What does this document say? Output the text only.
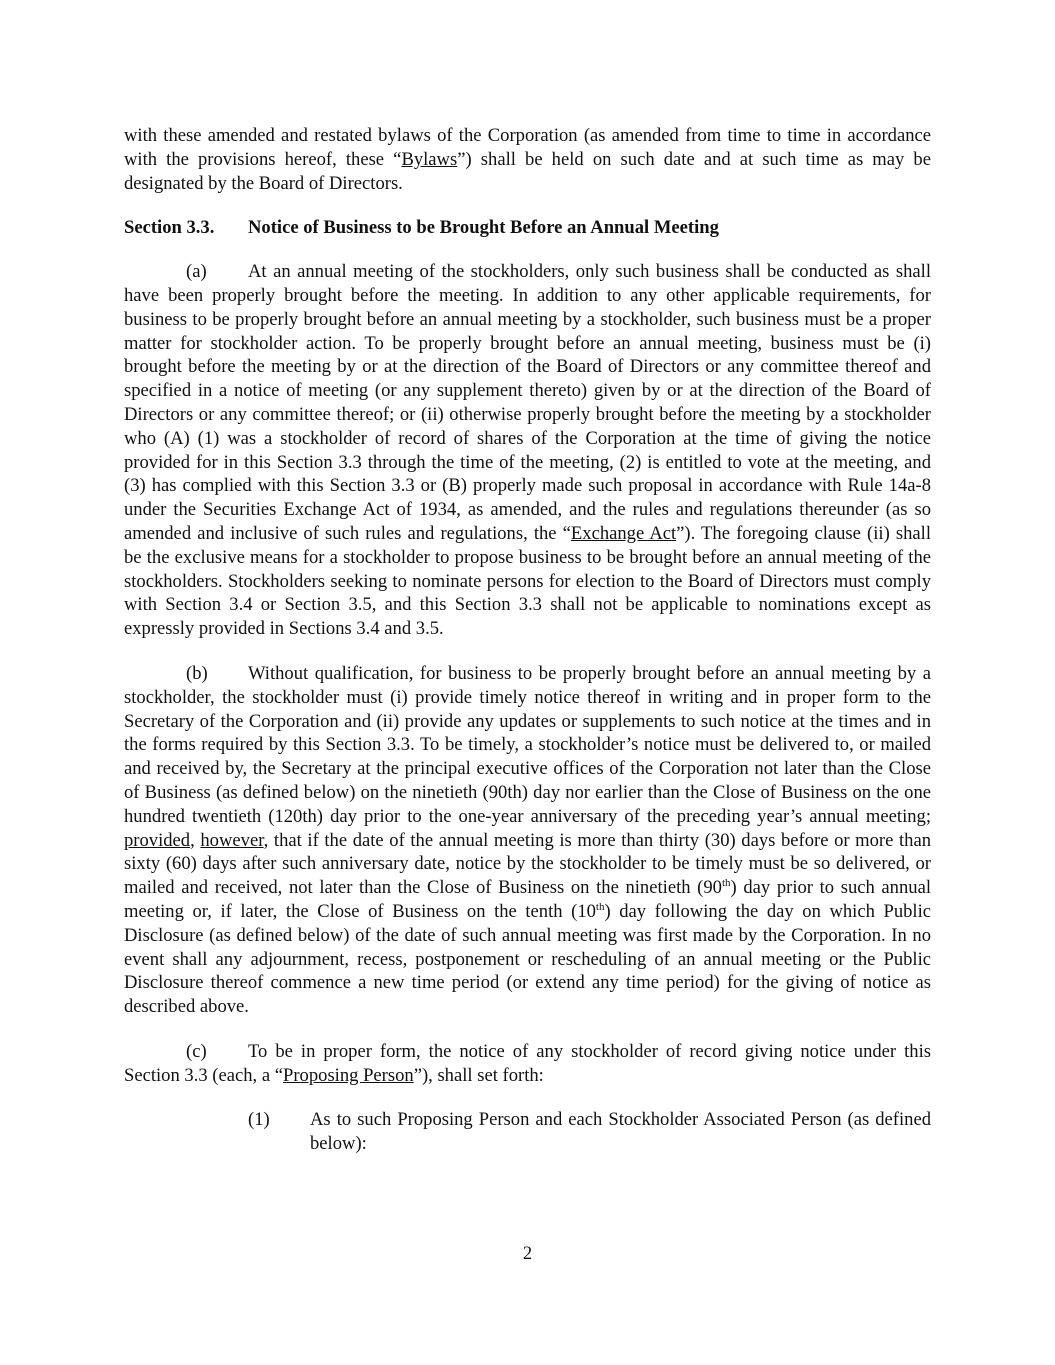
with these amended and restated bylaws of the Corporation (as amended from time to time in accordance with the provisions hereof, these “Bylaws”) shall be held on such date and at such time as may be designated by the Board of Directors.

Section 3.3. Notice of Business to be Brought Before an Annual Meeting

(a) At an annual meeting of the stockholders, only such business shall be conducted as shall have been properly brought before the meeting. In addition to any other applicable requirements, for business to be properly brought before an annual meeting by a stockholder, such business must be a proper matter for stockholder action. To be properly brought before an annual meeting, business must be (i) brought before the meeting by or at the direction of the Board of Directors or any committee thereof and specified in a notice of meeting (or any supplement thereto) given by or at the direction of the Board of Directors or any committee thereof; or (ii) otherwise properly brought before the meeting by a stockholder who (A) (1) was a stockholder of record of shares of the Corporation at the time of giving the notice provided for in this Section 3.3 through the time of the meeting, (2) is entitled to vote at the meeting, and (3) has complied with this Section 3.3 or (B) properly made such proposal in accordance with Rule 14a-8 under the Securities Exchange Act of 1934, as amended, and the rules and regulations thereunder (as so amended and inclusive of such rules and regulations, the “Exchange Act”). The foregoing clause (ii) shall be the exclusive means for a stockholder to propose business to be brought before an annual meeting of the stockholders. Stockholders seeking to nominate persons for election to the Board of Directors must comply with Section 3.4 or Section 3.5, and this Section 3.3 shall not be applicable to nominations except as expressly provided in Sections 3.4 and 3.5.

(b) Without qualification, for business to be properly brought before an annual meeting by a stockholder, the stockholder must (i) provide timely notice thereof in writing and in proper form to the Secretary of the Corporation and (ii) provide any updates or supplements to such notice at the times and in the forms required by this Section 3.3. To be timely, a stockholder’s notice must be delivered to, or mailed and received by, the Secretary at the principal executive offices of the Corporation not later than the Close of Business (as defined below) on the ninetieth (90th) day nor earlier than the Close of Business on the one hundred twentieth (120th) day prior to the one-year anniversary of the preceding year’s annual meeting; provided, however, that if the date of the annual meeting is more than thirty (30) days before or more than sixty (60) days after such anniversary date, notice by the stockholder to be timely must be so delivered, or mailed and received, not later than the Close of Business on the ninetieth (90th) day prior to such annual meeting or, if later, the Close of Business on the tenth (10th) day following the day on which Public Disclosure (as defined below) of the date of such annual meeting was first made by the Corporation. In no event shall any adjournment, recess, postponement or rescheduling of an annual meeting or the Public Disclosure thereof commence a new time period (or extend any time period) for the giving of notice as described above.

(c) To be in proper form, the notice of any stockholder of record giving notice under this Section 3.3 (each, a “Proposing Person”), shall set forth:

(1) As to such Proposing Person and each Stockholder Associated Person (as defined below):

2
